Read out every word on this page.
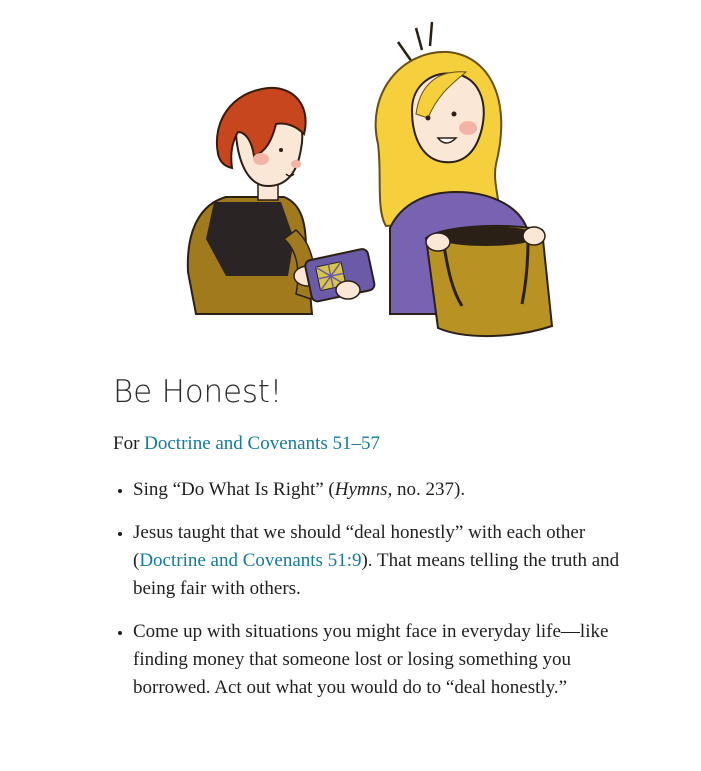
Be Honest!

For Doctrine and Covenants 51–57

• Sing “Do What Is Right” (Hymns, no. 237).
• Jesus taught that we should “deal honestly” with each other (Doctrine and Covenants 51:9). That means telling the truth and being fair with others.
• Come up with situations you might face in everyday life—like finding money that someone lost or losing something you borrowed. Act out what you would do to “deal honestly.”
